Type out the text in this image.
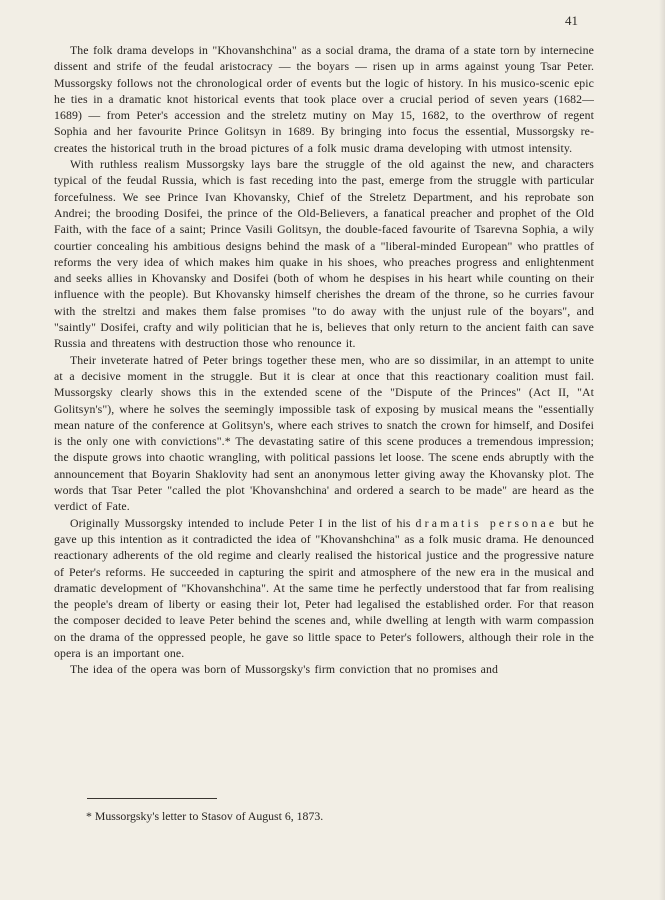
41

The folk drama develops in "Khovanshchina" as a social drama, the drama of a state torn by internecine dissent and strife of the feudal aristocracy — the boyars — risen up in arms against young Tsar Peter. Mussorgsky follows not the chronological order of events but the logic of history. In his musico-scenic epic he ties in a dramatic knot historical events that took place over a crucial period of seven years (1682—1689) — from Peter's accession and the streletz mutiny on May 15, 1682, to the overthrow of regent Sophia and her favourite Prince Golitsyn in 1689. By bringing into focus the essential, Mussorgsky re-creates the historical truth in the broad pictures of a folk music drama developing with utmost intensity.

With ruthless realism Mussorgsky lays bare the struggle of the old against the new, and characters typical of the feudal Russia, which is fast receding into the past, emerge from the struggle with particular forcefulness. We see Prince Ivan Khovansky, Chief of the Streletz Department, and his reprobate son Andrei; the brooding Dosifei, the prince of the Old-Believers, a fanatical preacher and prophet of the Old Faith, with the face of a saint; Prince Vasili Golitsyn, the double-faced favourite of Tsarevna Sophia, a wily courtier concealing his ambitious designs behind the mask of a "liberal-minded European" who prattles of reforms the very idea of which makes him quake in his shoes, who preaches progress and enlightenment and seeks allies in Khovansky and Dosifei (both of whom he despises in his heart while counting on their influence with the people). But Khovansky himself cherishes the dream of the throne, so he curries favour with the streltzi and makes them false promises "to do away with the unjust rule of the boyars", and "saintly" Dosifei, crafty and wily politician that he is, believes that only return to the ancient faith can save Russia and threatens with destruction those who renounce it.

Their inveterate hatred of Peter brings together these men, who are so dissimilar, in an attempt to unite at a decisive moment in the struggle. But it is clear at once that this reactionary coalition must fail. Mussorgsky clearly shows this in the extended scene of the "Dispute of the Princes" (Act II, "At Golitsyn's"), where he solves the seemingly impossible task of exposing by musical means the "essentially mean nature of the conference at Golitsyn's, where each strives to snatch the crown for himself, and Dosifei is the only one with convictions".* The devastating satire of this scene produces a tremendous impression; the dispute grows into chaotic wrangling, with political passions let loose. The scene ends abruptly with the announcement that Boyarin Shaklovity had sent an anonymous letter giving away the Khovansky plot. The words that Tsar Peter "called the plot 'Khovanshchina' and ordered a search to be made" are heard as the verdict of Fate.

Originally Mussorgsky intended to include Peter I in the list of his dramatis personae but he gave up this intention as it contradicted the idea of "Khovanshchina" as a folk music drama. He denounced reactionary adherents of the old regime and clearly realised the historical justice and the progressive nature of Peter's reforms. He succeeded in capturing the spirit and atmosphere of the new era in the musical and dramatic development of "Khovanshchina". At the same time he perfectly understood that far from realising the people's dream of liberty or easing their lot, Peter had legalised the established order. For that reason the composer decided to leave Peter behind the scenes and, while dwelling at length with warm compassion on the drama of the oppressed people, he gave so little space to Peter's followers, although their role in the opera is an important one.

The idea of the opera was born of Mussorgsky's firm conviction that no promises and

* Mussorgsky's letter to Stasov of August 6, 1873.
